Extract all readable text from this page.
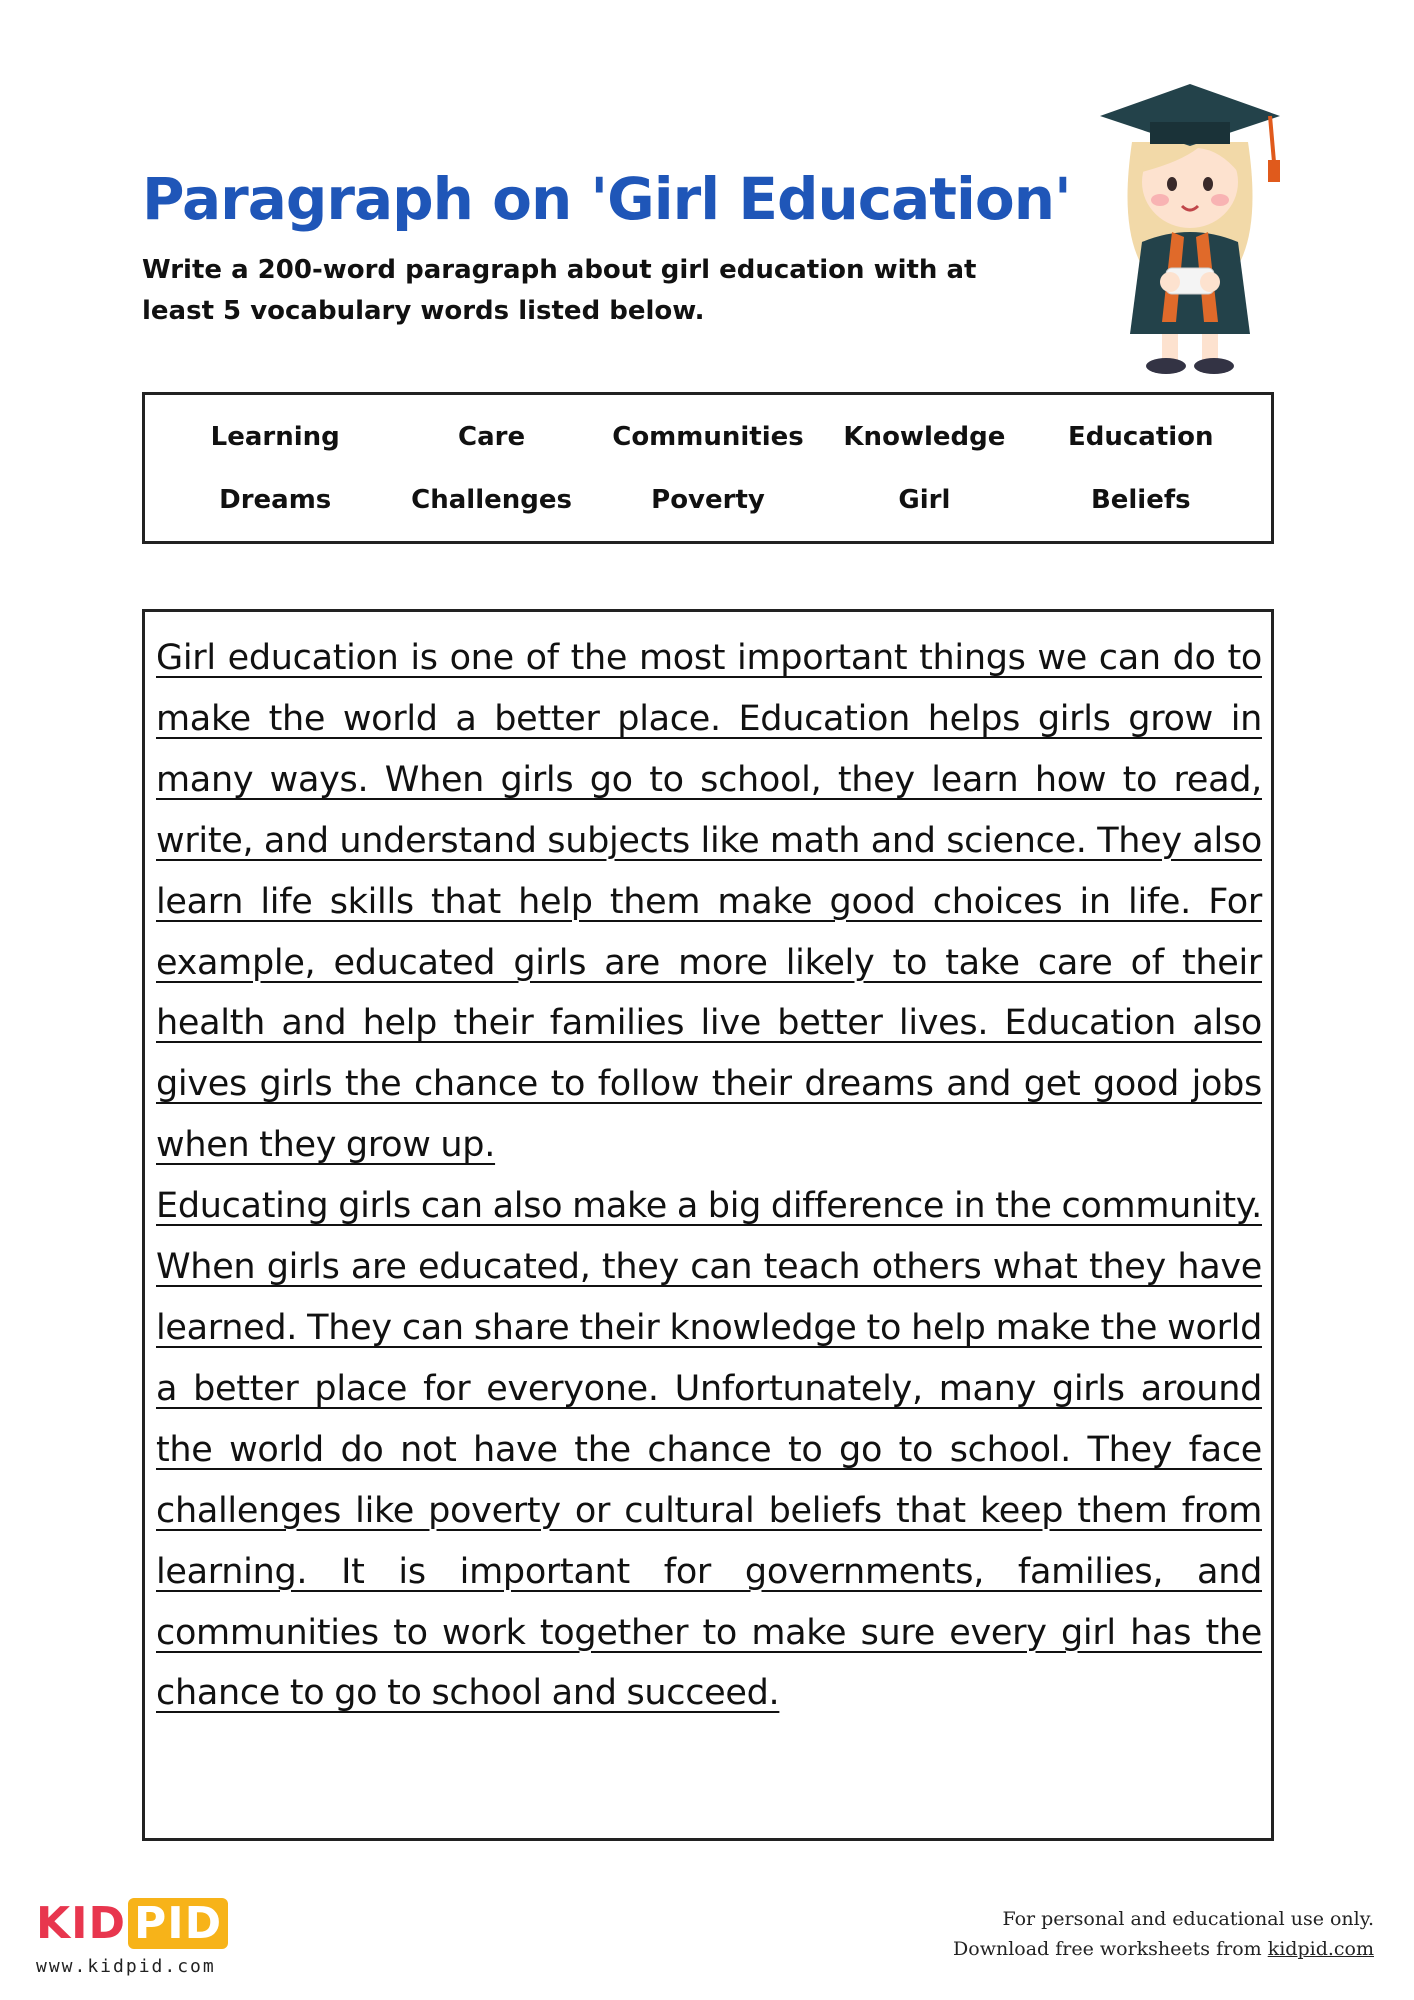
Paragraph on 'Girl Education'
Write a 200-word paragraph about girl education with at least 5 vocabulary words listed below.
Learning	Care	Communities	Knowledge	Education
Dreams	Challenges	Poverty	Girl	Beliefs

Girl education is one of the most important things we can do to make the world a better place. Education helps girls grow in many ways. When girls go to school, they learn how to read, write, and understand subjects like math and science. They also learn life skills that help them make good choices in life. For example, educated girls are more likely to take care of their health and help their families live better lives. Education also gives girls the chance to follow their dreams and get good jobs when they grow up.

Educating girls can also make a big difference in the community. When girls are educated, they can teach others what they have learned. They can share their knowledge to help make the world a better place for everyone. Unfortunately, many girls around the world do not have the chance to go to school. They face challenges like poverty or cultural beliefs that keep them from learning. It is important for governments, families, and communities to work together to make sure every girl has the chance to go to school and succeed.

KID PID
www.kidpid.com
For personal and educational use only.
Download free worksheets from kidpid.com
